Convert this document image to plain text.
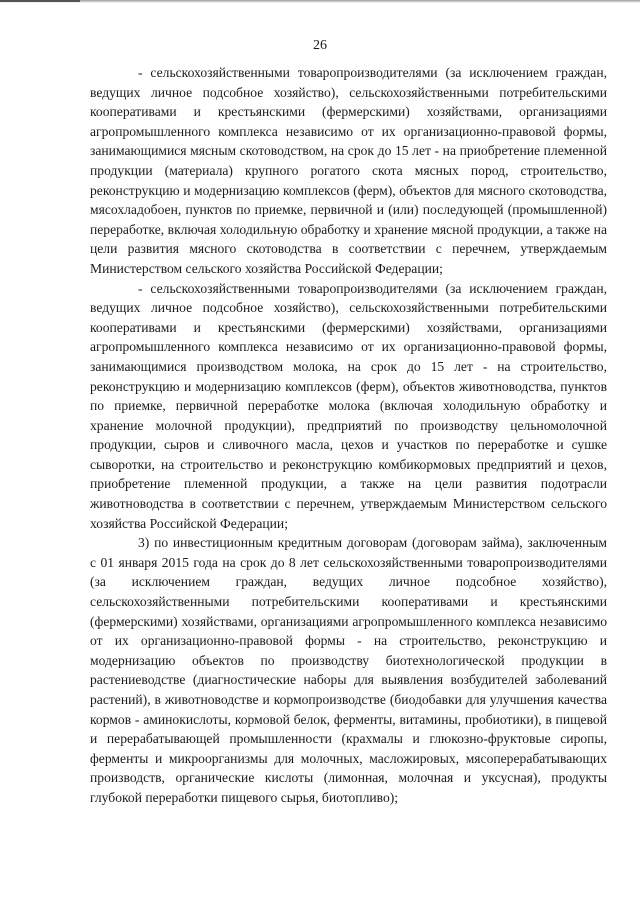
26

- сельскохозяйственными товаропроизводителями (за исключением граждан, ведущих личное подсобное хозяйство), сельскохозяйственными потребительскими кооперативами и крестьянскими (фермерскими) хозяйствами, организациями агропромышленного комплекса независимо от их организационно-правовой формы, занимающимися мясным скотоводством, на срок до 15 лет - на приобретение племенной продукции (материала) крупного рогатого скота мясных пород, строительство, реконструкцию и модернизацию комплексов (ферм), объектов для мясного скотоводства, мясохладобоен, пунктов по приемке, первичной и (или) последующей (промышленной) переработке, включая холодильную обработку и хранение мясной продукции, а также на цели развития мясного скотоводства в соответствии с перечнем, утверждаемым Министерством сельского хозяйства Российской Федерации;

- сельскохозяйственными товаропроизводителями (за исключением граждан, ведущих личное подсобное хозяйство), сельскохозяйственными потребительскими кооперативами и крестьянскими (фермерскими) хозяйствами, организациями агропромышленного комплекса независимо от их организационно-правовой формы, занимающимися производством молока, на срок до 15 лет - на строительство, реконструкцию и модернизацию комплексов (ферм), объектов животноводства, пунктов по приемке, первичной переработке молока (включая холодильную обработку и хранение молочной продукции), предприятий по производству цельномолочной продукции, сыров и сливочного масла, цехов и участков по переработке и сушке сыворотки, на строительство и реконструкцию комбикормовых предприятий и цехов, приобретение племенной продукции, а также на цели развития подотрасли животноводства в соответствии с перечнем, утверждаемым Министерством сельского хозяйства Российской Федерации;

3) по инвестиционным кредитным договорам (договорам займа), заключенным с 01 января 2015 года на срок до 8 лет сельскохозяйственными товаропроизводителями (за исключением граждан, ведущих личное подсобное хозяйство), сельскохозяйственными потребительскими кооперативами и крестьянскими (фермерскими) хозяйствами, организациями агропромышленного комплекса независимо от их организационно-правовой формы - на строительство, реконструкцию и модернизацию объектов по производству биотехнологической продукции в растениеводстве (диагностические наборы для выявления возбудителей заболеваний растений), в животноводстве и кормопроизводстве (биодобавки для улучшения качества кормов - аминокислоты, кормовой белок, ферменты, витамины, пробиотики), в пищевой и перерабатывающей промышленности (крахмалы и глюкозно-фруктовые сиропы, ферменты и микроорганизмы для молочных, масложировых, мясоперерабатывающих производств, органические кислоты (лимонная, молочная и уксусная), продукты глубокой переработки пищевого сырья, биотопливо);
